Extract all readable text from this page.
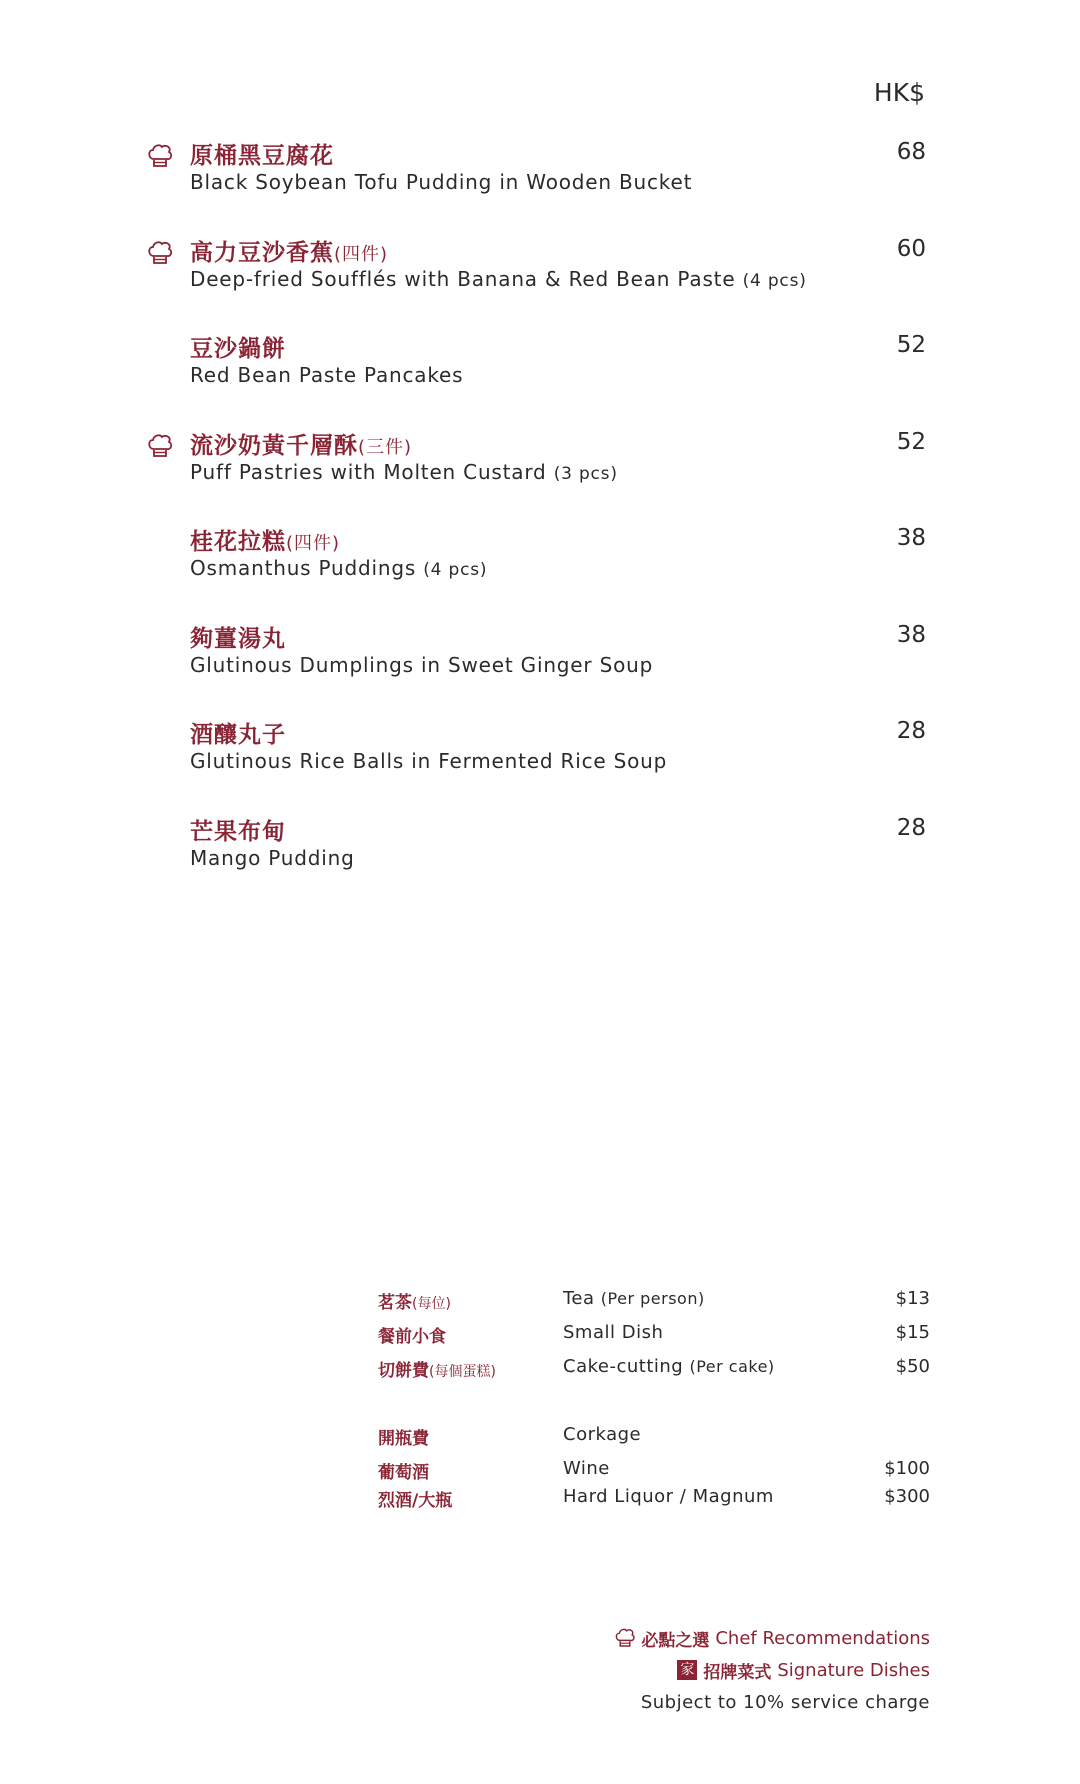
HK$
原桶黑豆腐花
Black Soybean Tofu Pudding in Wooden Bucket
68
高力豆沙香蕉(四件)
Deep-fried Soufflés with Banana & Red Bean Paste (4 pcs)
60
豆沙鍋餅
Red Bean Paste Pancakes
52
流沙奶黃千層酥(三件)
Puff Pastries with Molten Custard (3 pcs)
52
桂花拉糕(四件)
Osmanthus Puddings (4 pcs)
38
夠薑湯丸
Glutinous Dumplings in Sweet Ginger Soup
38
酒釀丸子
Glutinous Rice Balls in Fermented Rice Soup
28
芒果布甸
Mango Pudding
28
茗茶(每位)	Tea (Per person)	$13
餐前小食	Small Dish	$15
切餅費(每個蛋糕)	Cake-cutting (Per cake)	$50
開瓶費	Corkage
葡萄酒	Wine	$100
烈酒/大瓶	Hard Liquor / Magnum	$300
必點之選 Chef Recommendations
家 招牌菜式 Signature Dishes
Subject to 10% service charge
